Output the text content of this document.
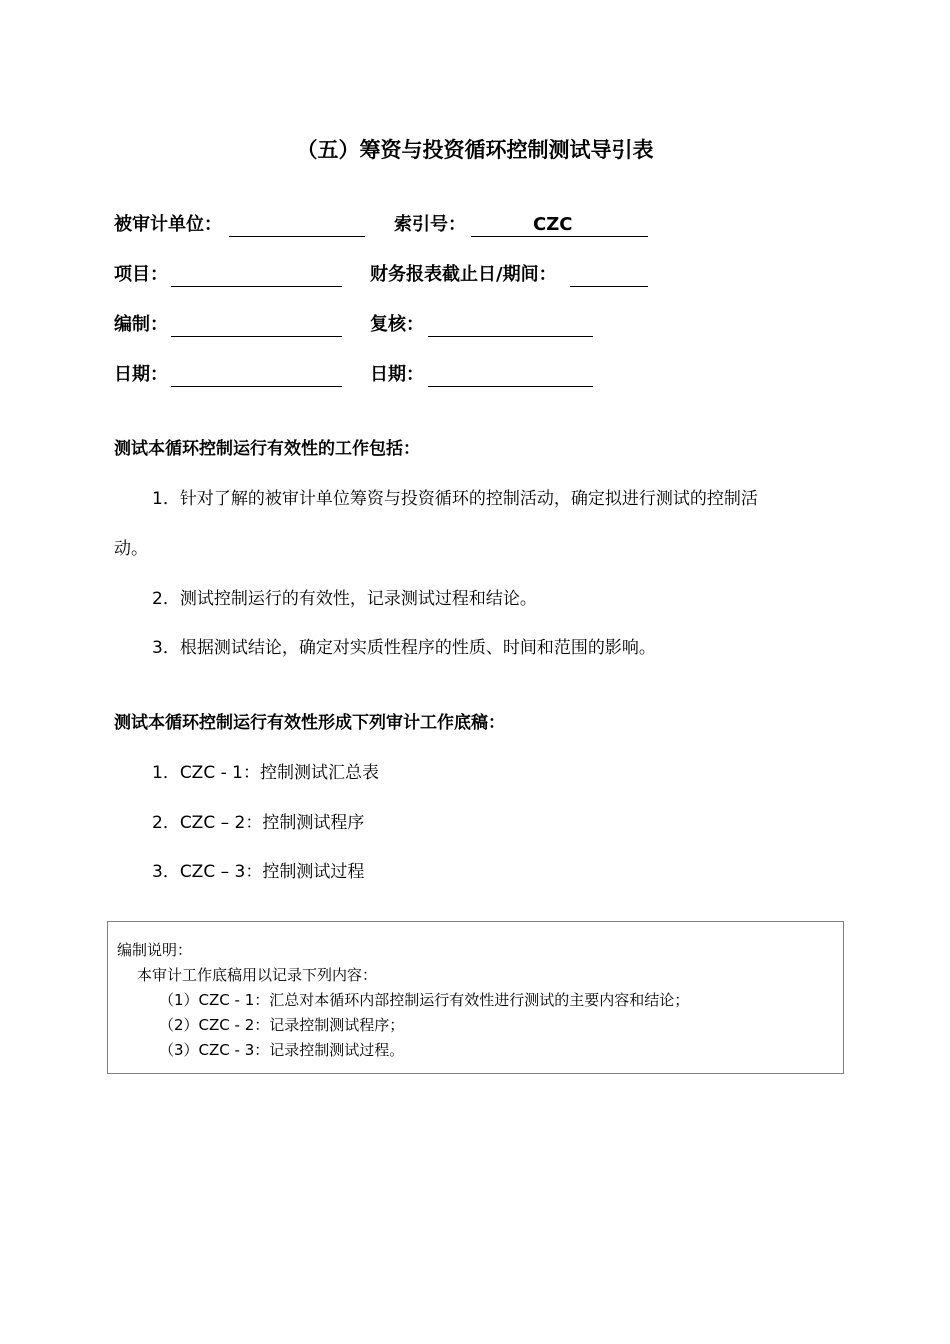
（五）筹资与投资循环控制测试导引表
被审计单位：	索引号：	CZC
项目：	财务报表截止日/期间：
编制：	复核：
日期：	日期：
测试本循环控制运行有效性的工作包括：
1．针对了解的被审计单位筹资与投资循环的控制活动，确定拟进行测试的控制活
动。
2．测试控制运行的有效性，记录测试过程和结论。
3．根据测试结论，确定对实质性程序的性质、时间和范围的影响。
测试本循环控制运行有效性形成下列审计工作底稿：
1．CZC - 1：控制测试汇总表
2．CZC – 2：控制测试程序
3．CZC – 3：控制测试过程
编制说明：
本审计工作底稿用以记录下列内容：
（1）CZC - 1：汇总对本循环内部控制运行有效性进行测试的主要内容和结论；
（2）CZC - 2：记录控制测试程序；
（3）CZC - 3：记录控制测试过程。
